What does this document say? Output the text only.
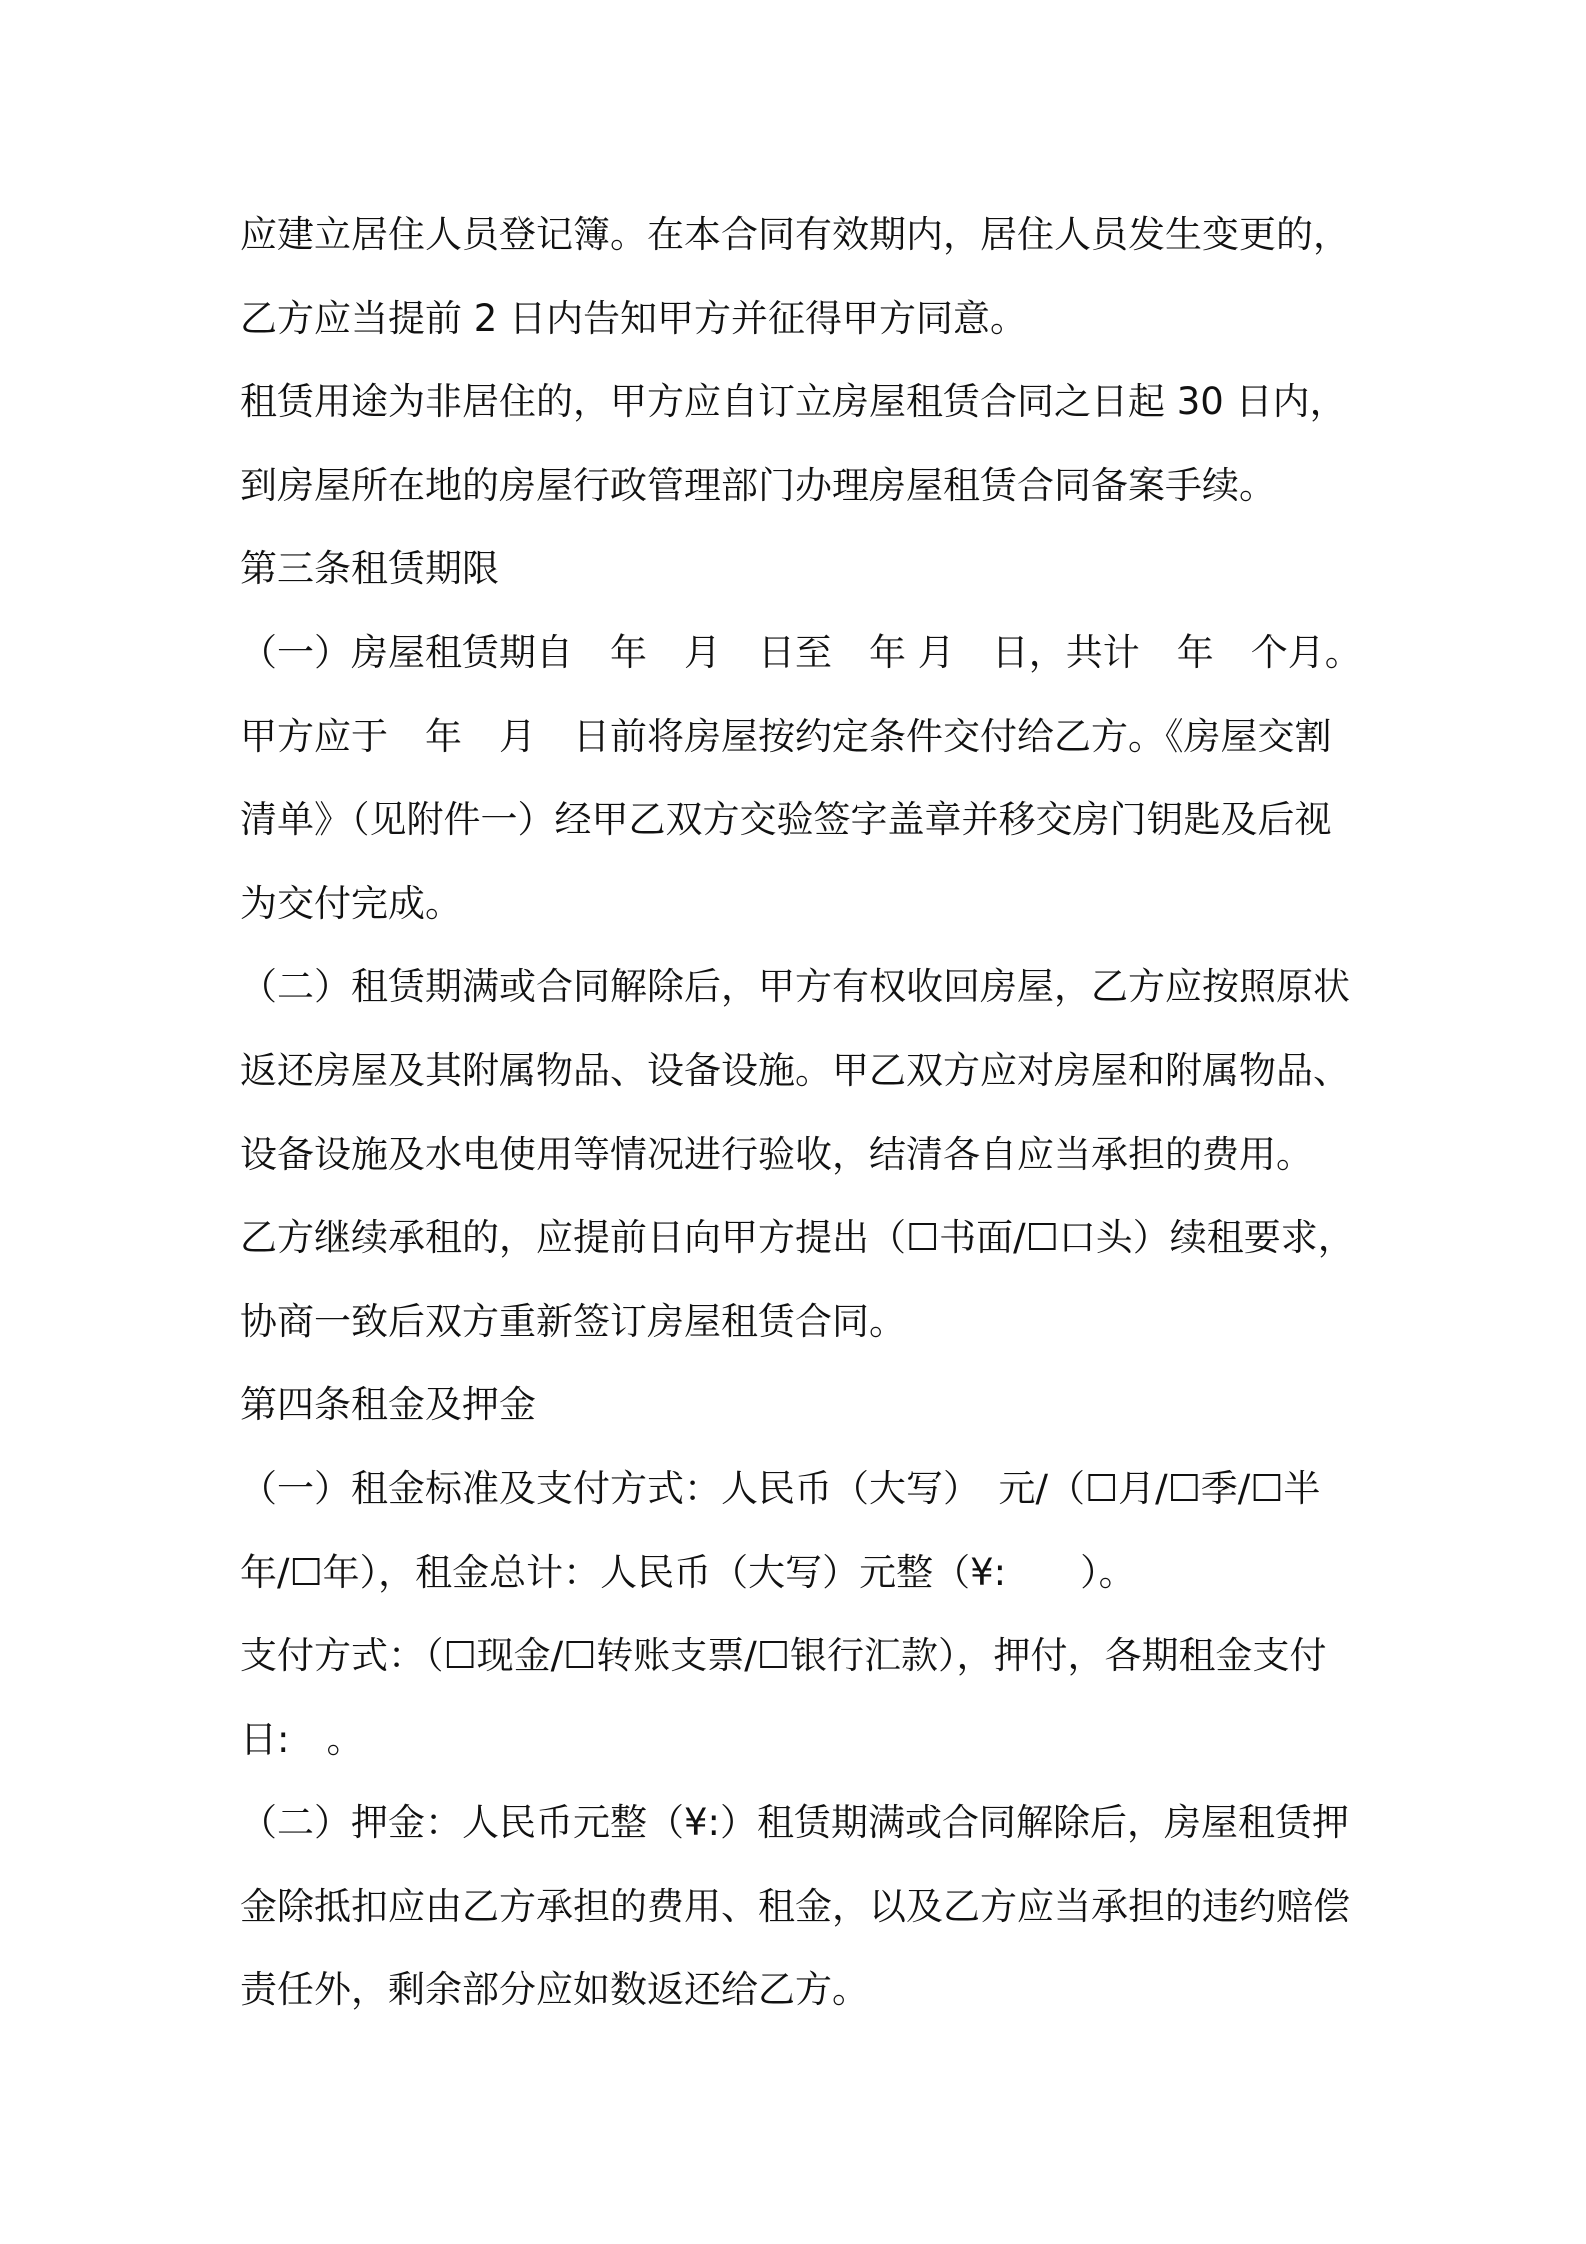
应建立居住人员登记簿。在本合同有效期内，居住人员发生变更的，
乙方应当提前 2 日内告知甲方并征得甲方同意。
租赁用途为非居住的，甲方应自订立房屋租赁合同之日起 30 日内，
到房屋所在地的房屋行政管理部门办理房屋租赁合同备案手续。
第三条租赁期限
（一）房屋租赁期自　年　月　日至　年 月　日，共计　年　个月。
甲方应于　年　月　日前将房屋按约定条件交付给乙方。《房屋交割
清单》（见附件一）经甲乙双方交验签字盖章并移交房门钥匙及后视
为交付完成。
（二）租赁期满或合同解除后，甲方有权收回房屋，乙方应按照原状
返还房屋及其附属物品、设备设施。甲乙双方应对房屋和附属物品、
设备设施及水电使用等情况进行验收，结清各自应当承担的费用。
乙方继续承租的，应提前日向甲方提出（☐书面/☐口头）续租要求，
协商一致后双方重新签订房屋租赁合同。
第四条租金及押金
（一）租金标准及支付方式：人民币（大写）　元/（☐月/☐季/☐半
年/☐年），租金总计：人民币（大写）元整（¥:　　）。
支付方式：（☐现金/☐转账支票/☐银行汇款），押付，各期租金支付
日:　。
（二）押金：人民币元整（¥:）租赁期满或合同解除后，房屋租赁押
金除抵扣应由乙方承担的费用、租金，以及乙方应当承担的违约赔偿
责任外，剩余部分应如数返还给乙方。
